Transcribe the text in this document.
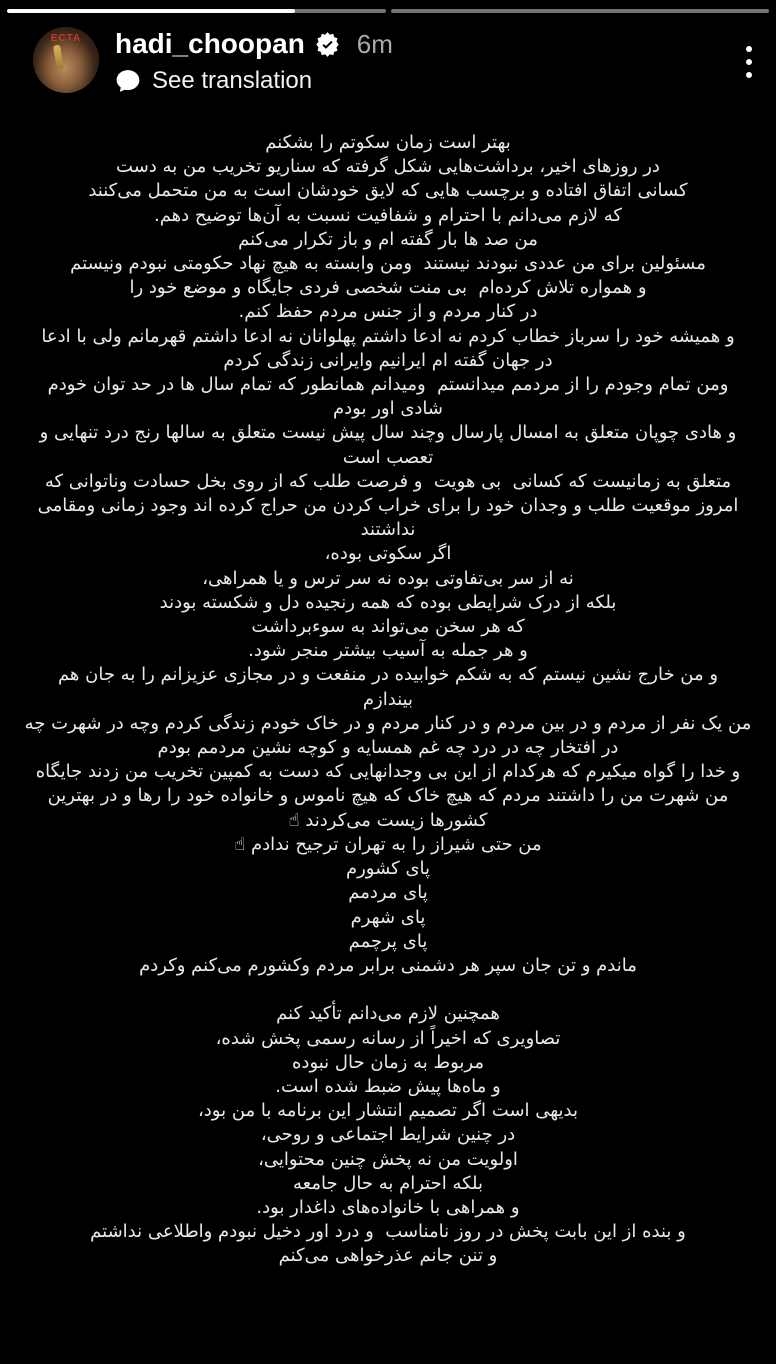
ECTA hadi_choopan 6m
See translation
بهتر است زمان سکوتم را بشکنم
در روزهای اخیر، برداشت‌هایی شکل گرفته که سناریو تخریب من به دست
کسانی اتفاق افتاده و برچسب هایی که لایق خودشان است به من متحمل می‌کنند
که لازم می‌دانم با احترام و شفافیت نسبت به آن‌ها توضیح دهم.
من صد ها بار گفته ام و باز تکرار می‌کنم
مسئولین برای من عددی نبودند نیستند  ومن وابسته به هیچ نهاد حکومتی نبودم ونیستم
و همواره تلاش کرده‌ام  بی منت شخصی فردی جایگاه و موضع خود را
در کنار مردم و از جنس مردم حفظ کنم.
و همیشه خود را سرباز خطاب کردم نه ادعا داشتم پهلوانان نه ادعا داشتم قهرمانم ولی با ادعا
در جهان گفته ام ایرانیم وایرانی زندگی کردم
ومن تمام وجودم را از مردمم میدانستم  ومیدانم همانطور که تمام سال ها در حد توان خودم
شادی اور بودم
و هادی چوپان متعلق به امسال پارسال وچند سال پیش نیست متعلق به سالها رنج درد تنهایی و
تعصب است
متعلق به زمانیست که کسانی  بی هویت  و فرصت طلب که از روی بخل حسادت وناتوانی که
امروز موقعیت طلب و وجدان خود را برای خراب کردن من حراج کرده اند وجود زمانی ومقامی
نداشتند
اگر سکوتی بوده،
نه از سر بی‌تفاوتی بوده نه سر ترس و یا همراهی،
بلکه از درک شرایطی بوده که همه رنجیده دل و شکسته بودند
که هر سخن می‌تواند به سوءبرداشت
و هر جمله به آسیب بیشتر منجر شود.
و من خارج نشین نیستم که به شکم خوابیده در منفعت و در مجازی عزیزانم را به جان هم
بیندازم
من یک نفر از مردم و در بین مردم و در کنار مردم و در خاک خودم زندگی کردم وچه در شهرت چه
در افتخار چه در درد چه غم همسایه و کوچه نشین مردمم بودم
و خدا را گواه میکیرم که هرکدام از این بی وجدانهایی که دست به کمپین تخریب من زدند جایگاه
من شهرت من را داشتند مردم که هیچ خاک که هیچ ناموس و خانواده خود را رها و در بهترین
کشورها زیست می‌کردند ☝
من حتی شیراز را به تهران ترجیح ندادم ☝
پای کشورم
پای مردمم
پای شهرم
پای پرچمم
ماندم و تن جان سپر هر دشمنی برابر مردم وکشورم می‌کنم وکردم
همچنین لازم می‌دانم تأکید کنم
تصاویری که اخیراً از رسانه رسمی پخش شده،
مربوط به زمان حال نبوده
و ماه‌ها پیش ضبط شده است.
بدیهی است اگر تصمیم انتشار این برنامه با من بود،
در چنین شرایط اجتماعی و روحی،
اولویت من نه پخش چنین محتوایی،
بلکه احترام به حال جامعه
و همراهی با خانواده‌های داغدار بود.
و بنده از این بابت پخش در روز نامناسب  و درد اور دخیل نبودم واطلاعی نداشتم
و تنن جانم عذرخواهی می‌کنم
